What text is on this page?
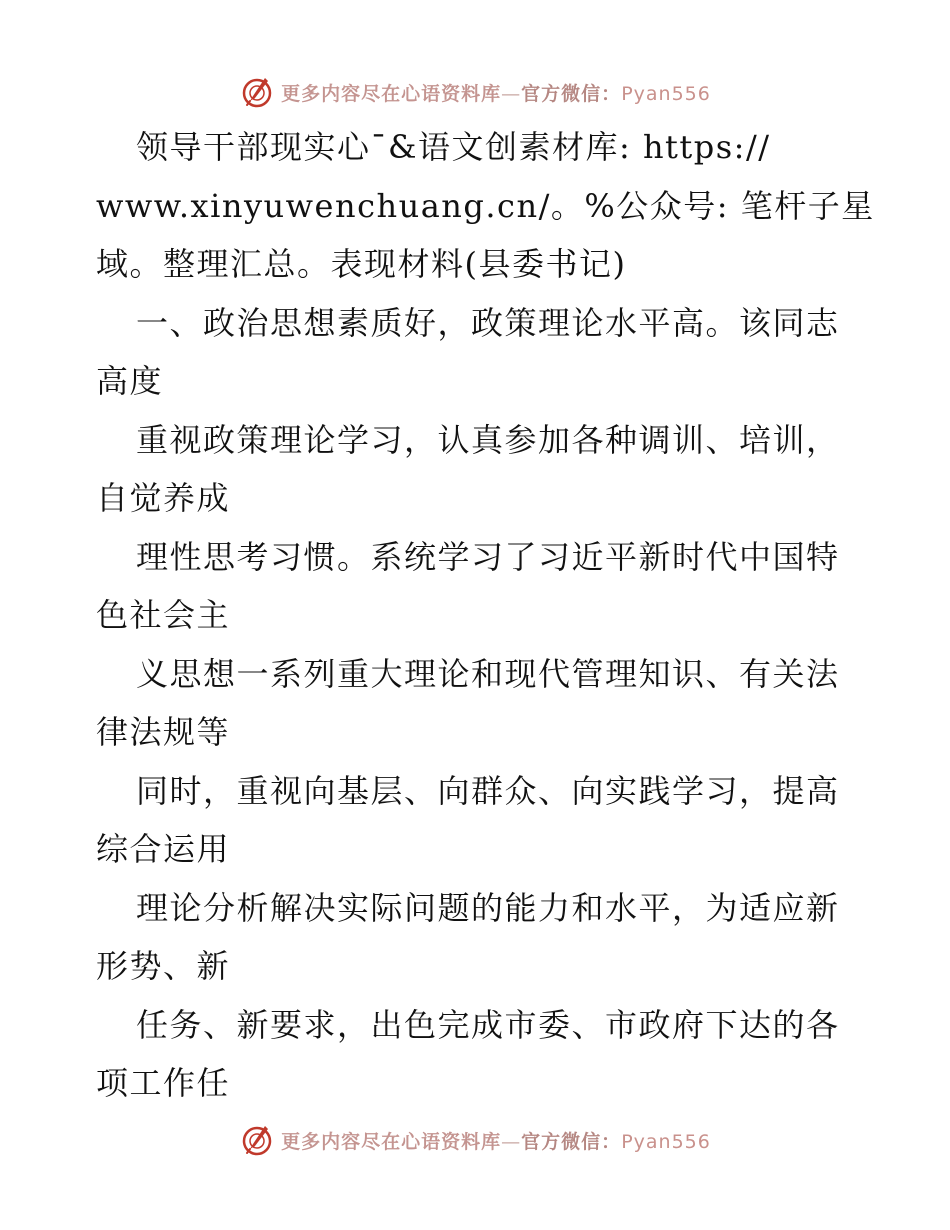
更多内容尽在心语资料库—官方微信：Pyan556
领导干部现实心¯&语文创素材库: https://
www.xinyuwenchuang.cn/。%公众号: 笔杆子星
域。整理汇总。表现材料(县委书记)
一、政治思想素质好，政策理论水平高。该同志
高度
重视政策理论学习，认真参加各种调训、培训，
自觉养成
理性思考习惯。系统学习了习近平新时代中国特
色社会主
义思想一系列重大理论和现代管理知识、有关法
律法规等
同时，重视向基层、向群众、向实践学习，提高
综合运用
理论分析解决实际问题的能力和水平，为适应新
形势、新
任务、新要求，出色完成市委、市政府下达的各
项工作任
更多内容尽在心语资料库—官方微信：Pyan556
